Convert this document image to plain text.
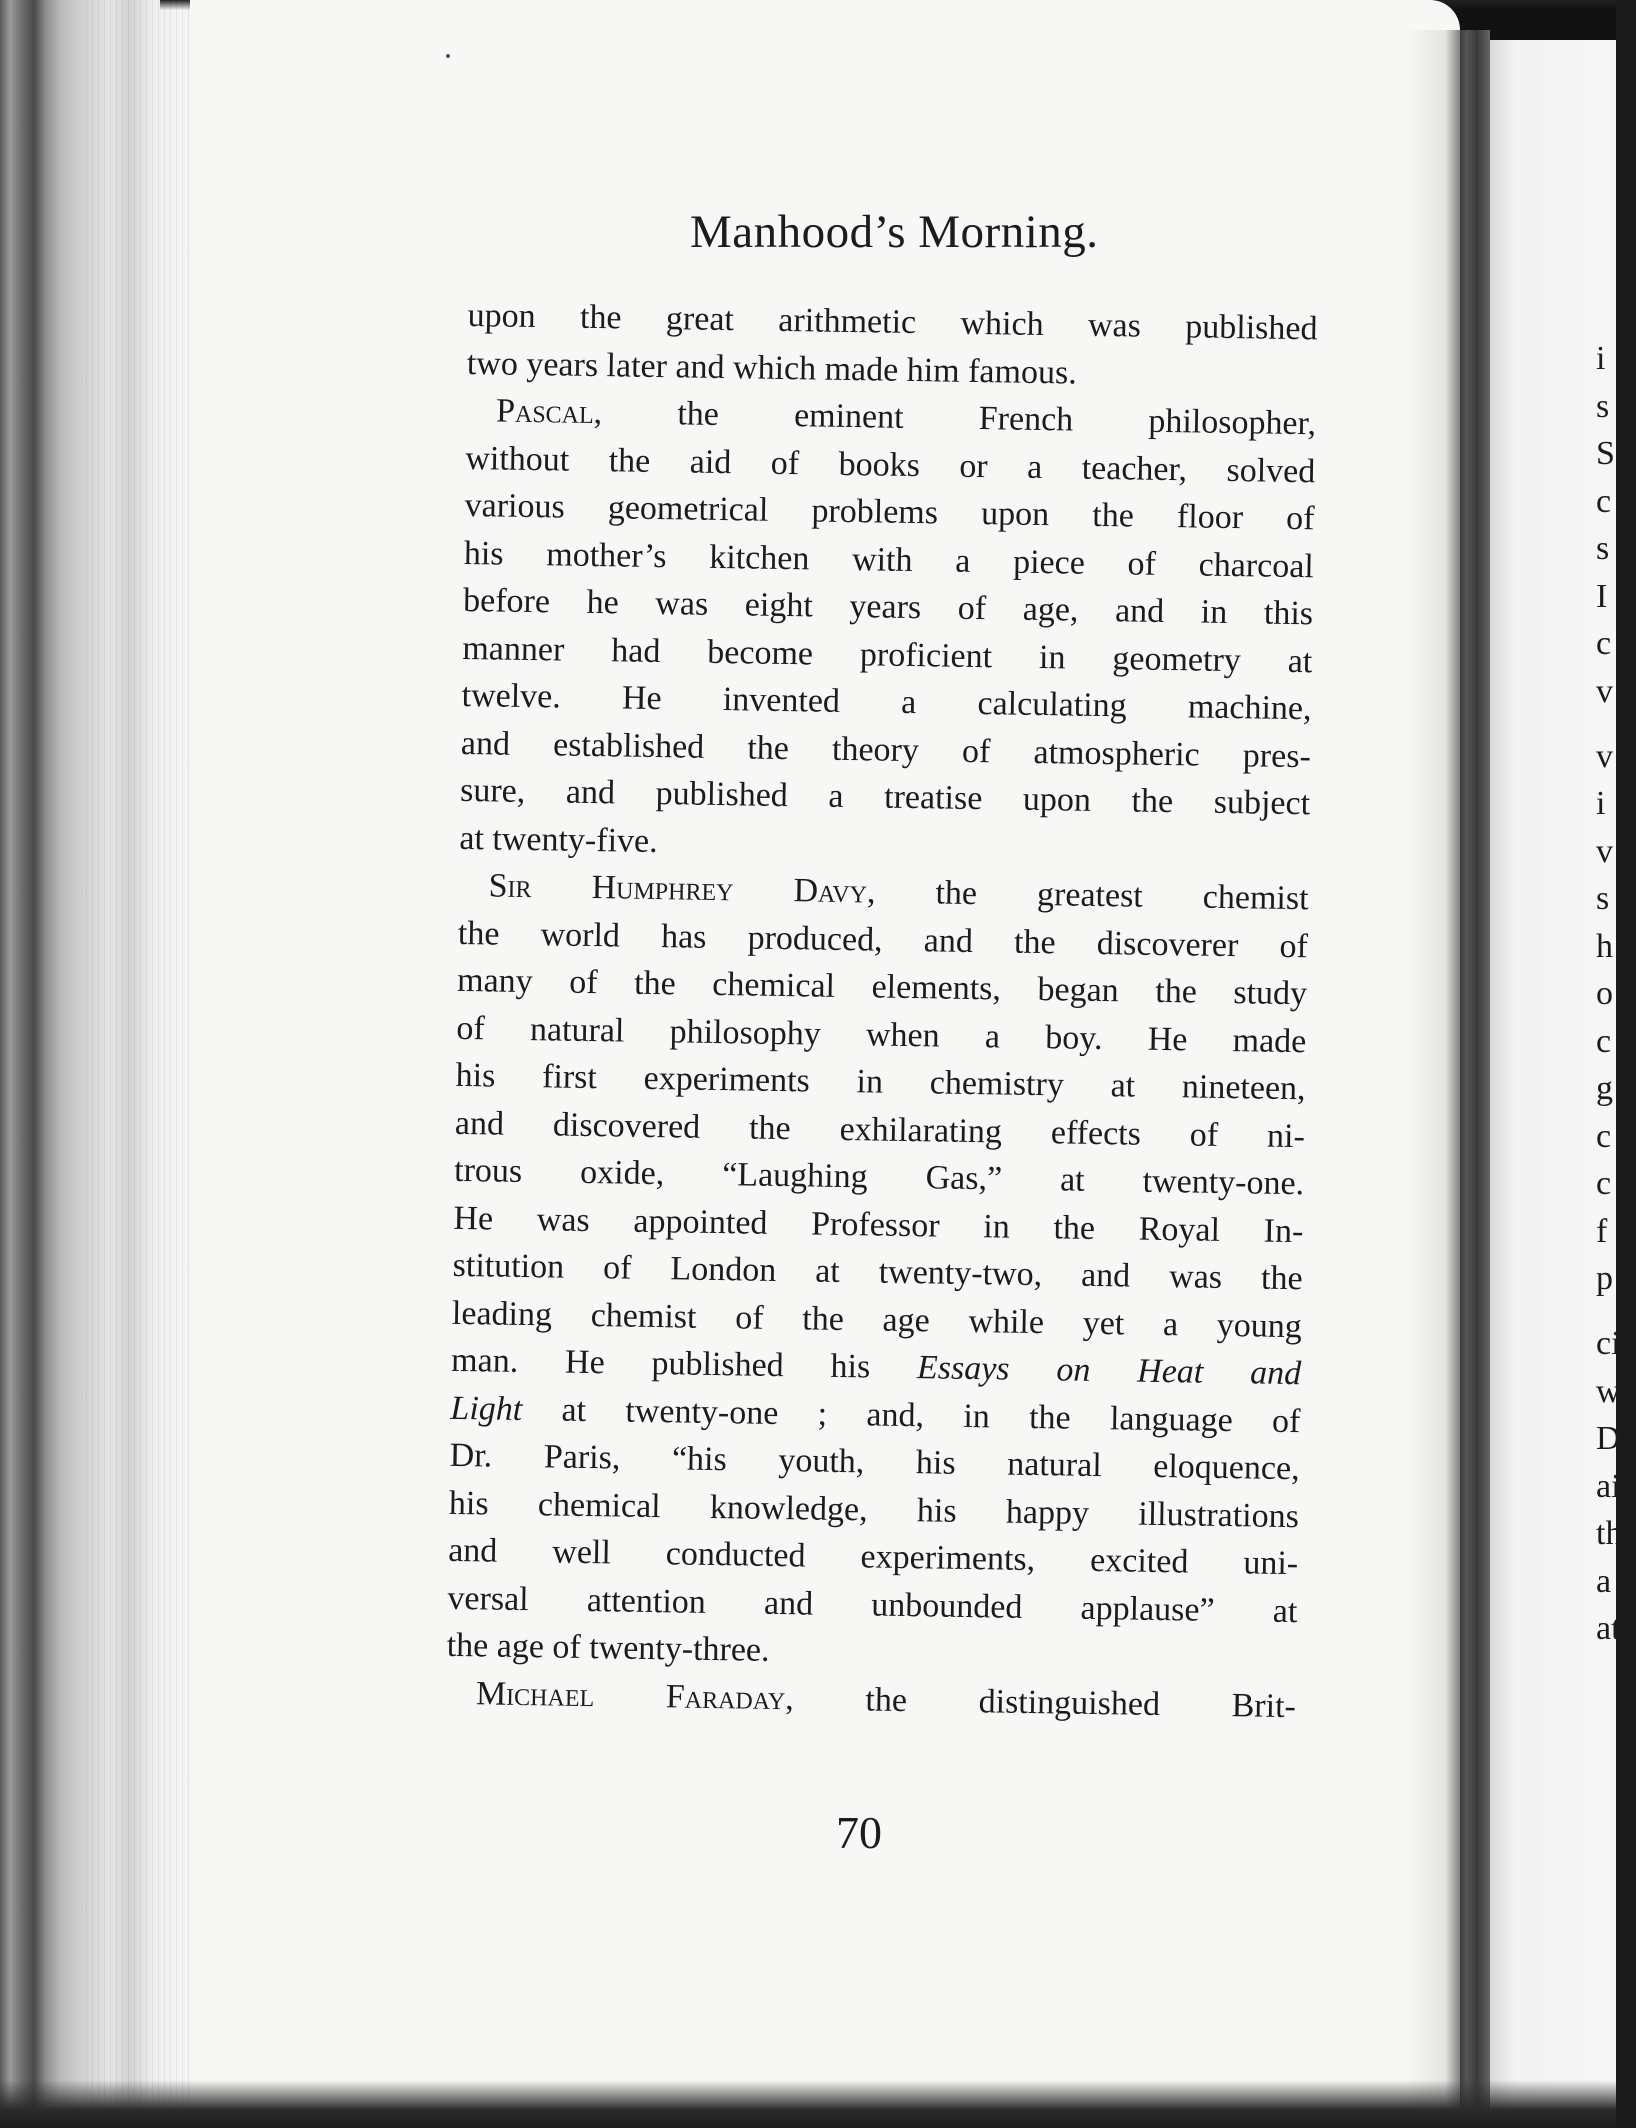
Manhood’s Morning.
upon the great arithmetic which was published
two years later and which made him famous.
Pascal, the eminent French philosopher,
without the aid of books or a teacher, solved
various geometrical problems upon the floor of
his mother’s kitchen with a piece of charcoal
before he was eight years of age, and in this
manner had become proficient in geometry at
twelve. He invented a calculating machine,
and established the theory of atmospheric pres-
sure, and published a treatise upon the subject
at twenty-five.
Sir Humphrey Davy, the greatest chemist
the world has produced, and the discoverer of
many of the chemical elements, began the study
of natural philosophy when a boy. He made
his first experiments in chemistry at nineteen,
and discovered the exhilarating effects of ni-
trous oxide, “Laughing Gas,” at twenty-one.
He was appointed Professor in the Royal In-
stitution of London at twenty-two, and was the
leading chemist of the age while yet a young
man. He published his Essays on Heat and
Light at twenty-one ; and, in the language of
Dr. Paris, “his youth, his natural eloquence,
his chemical knowledge, his happy illustrations
and well conducted experiments, excited uni-
versal attention and unbounded applause” at
the age of twenty-three.
Michael Faraday, the distinguished Brit-
70
i
s
S
c
s
I
c
v
v
i
v
s
h
o
c
g
c
c
f
p
ci
w
D
ai
th
a
at
